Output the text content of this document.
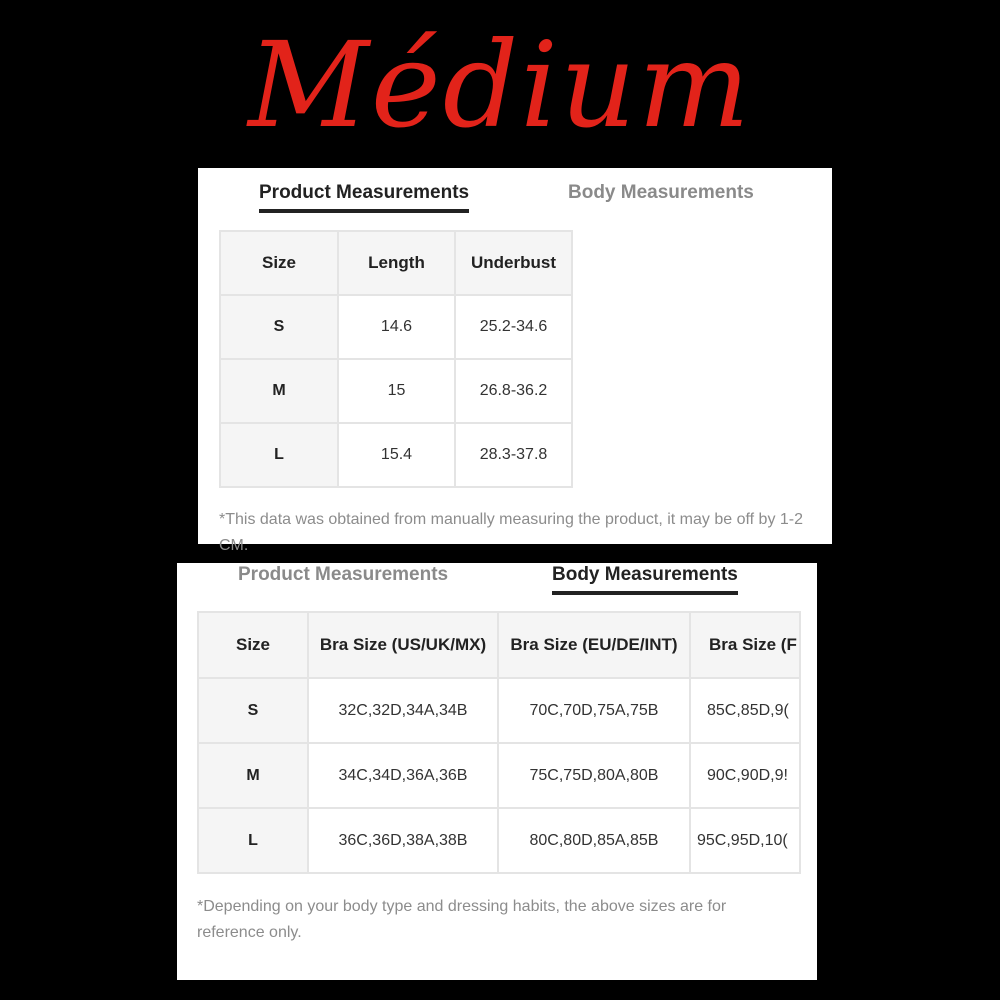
Médium
Product Measurements	Body Measurements
Size	Length	Underbust
S	14.6	25.2-34.6
M	15	26.8-36.2
L	15.4	28.3-37.8
*This data was obtained from manually measuring the product, it may be off by 1-2 CM.
Product Measurements	Body Measurements
Size	Bra Size (US/UK/MX)	Bra Size (EU/DE/INT)	Bra Size (F
S	32C,32D,34A,34B	70C,70D,75A,75B	85C,85D,9(
M	34C,34D,36A,36B	75C,75D,80A,80B	90C,90D,9!
L	36C,36D,38A,38B	80C,80D,85A,85B	95C,95D,10(
*Depending on your body type and dressing habits, the above sizes are for reference only.
